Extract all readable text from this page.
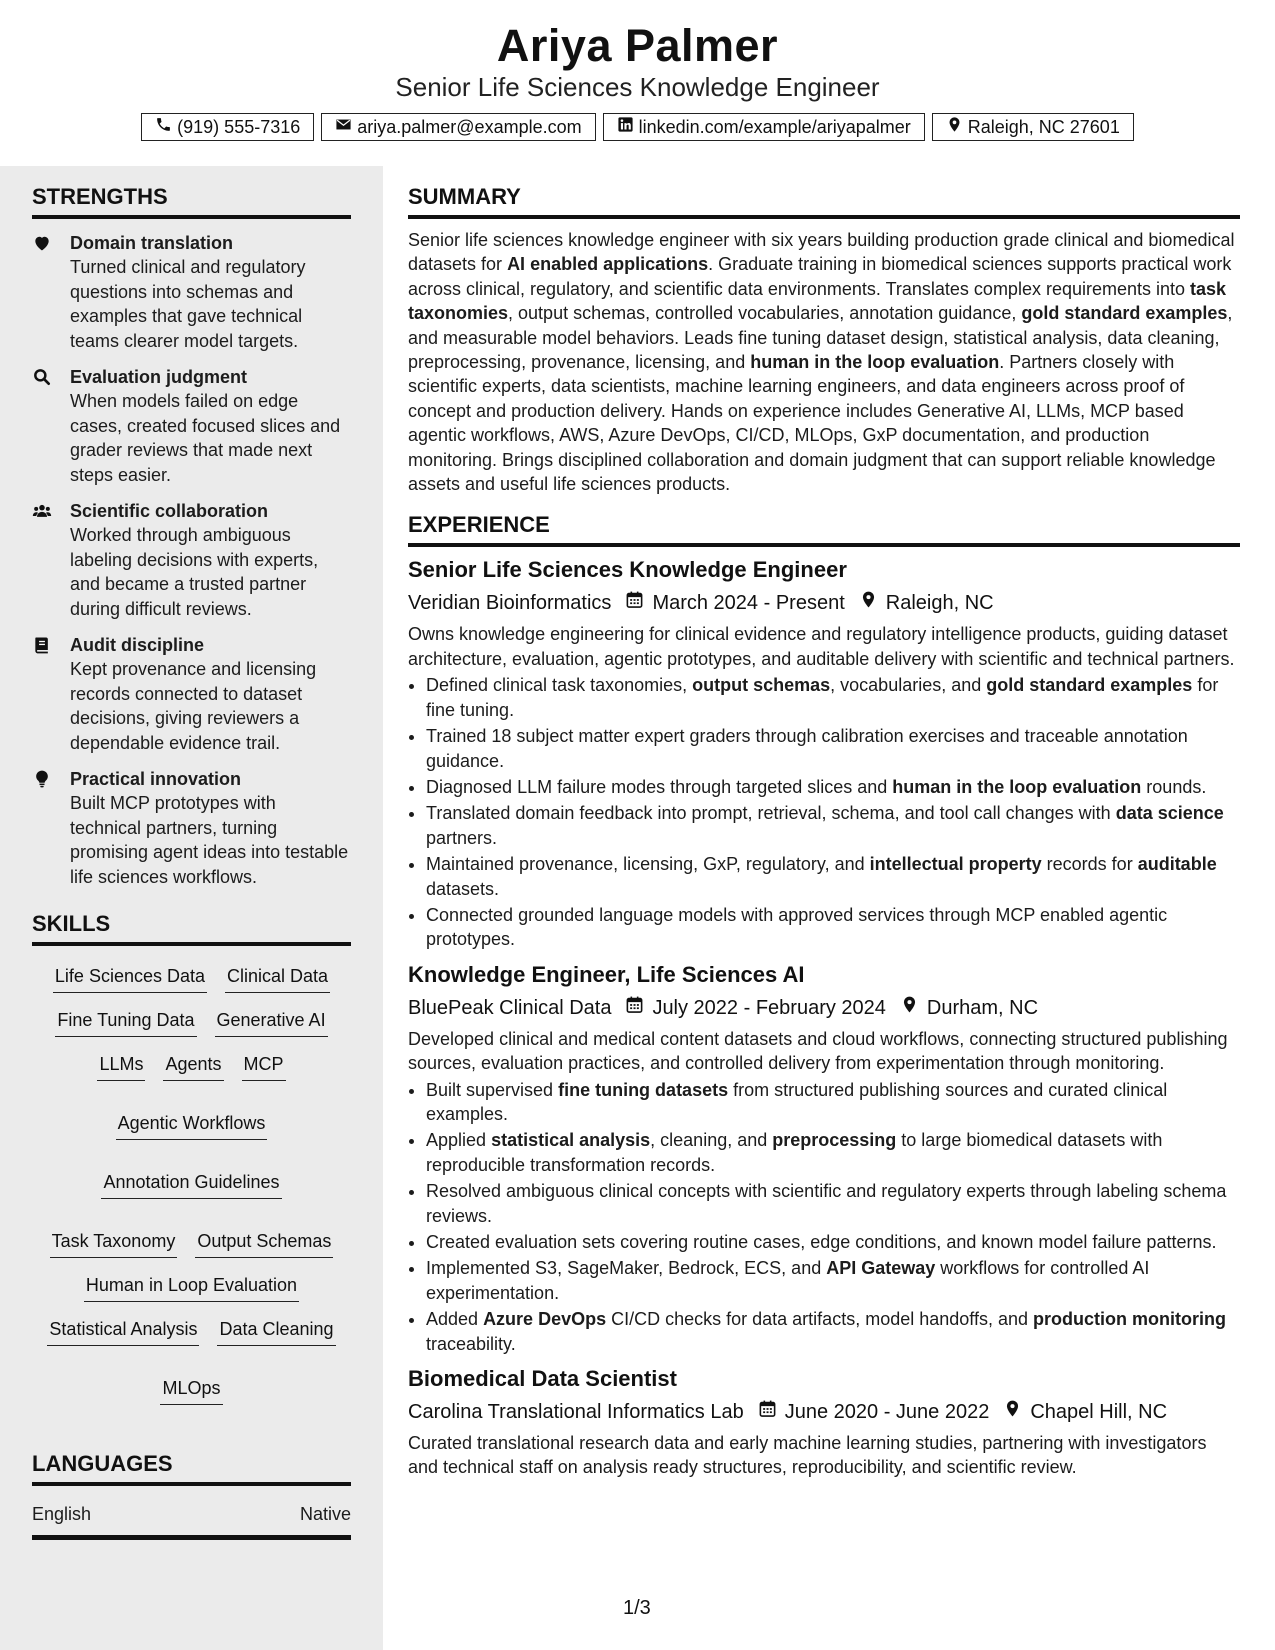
Ariya Palmer
Senior Life Sciences Knowledge Engineer
(919) 555-7316	ariya.palmer@example.com	linkedin.com/example/ariyapalmer	Raleigh, NC 27601
STRENGTHS
Domain translation
Turned clinical and regulatory questions into schemas and examples that gave technical teams clearer model targets.
Evaluation judgment
When models failed on edge cases, created focused slices and grader reviews that made next steps easier.
Scientific collaboration
Worked through ambiguous labeling decisions with experts, and became a trusted partner during difficult reviews.
Audit discipline
Kept provenance and licensing records connected to dataset decisions, giving reviewers a dependable evidence trail.
Practical innovation
Built MCP prototypes with technical partners, turning promising agent ideas into testable life sciences workflows.
SKILLS
Life Sciences Data Clinical Data
Fine Tuning Data Generative AI
LLMs Agents MCP
Agentic Workflows
Annotation Guidelines
Task Taxonomy Output Schemas
Human in Loop Evaluation
Statistical Analysis Data Cleaning
MLOps
LANGUAGES
English	Native
SUMMARY
Senior life sciences knowledge engineer with six years building production grade clinical and biomedical datasets for AI enabled applications. Graduate training in biomedical sciences supports practical work across clinical, regulatory, and scientific data environments. Translates complex requirements into task taxonomies, output schemas, controlled vocabularies, annotation guidance, gold standard examples, and measurable model behaviors. Leads fine tuning dataset design, statistical analysis, data cleaning, preprocessing, provenance, licensing, and human in the loop evaluation. Partners closely with scientific experts, data scientists, machine learning engineers, and data engineers across proof of concept and production delivery. Hands on experience includes Generative AI, LLMs, MCP based agentic workflows, AWS, Azure DevOps, CI/CD, MLOps, GxP documentation, and production monitoring. Brings disciplined collaboration and domain judgment that can support reliable knowledge assets and useful life sciences products.
EXPERIENCE
Senior Life Sciences Knowledge Engineer
Veridian Bioinformatics March 2024 - Present Raleigh, NC
Owns knowledge engineering for clinical evidence and regulatory intelligence products, guiding dataset architecture, evaluation, agentic prototypes, and auditable delivery with scientific and technical partners.
• Defined clinical task taxonomies, output schemas, vocabularies, and gold standard examples for fine tuning.
• Trained 18 subject matter expert graders through calibration exercises and traceable annotation guidance.
• Diagnosed LLM failure modes through targeted slices and human in the loop evaluation rounds.
• Translated domain feedback into prompt, retrieval, schema, and tool call changes with data science partners.
• Maintained provenance, licensing, GxP, regulatory, and intellectual property records for auditable datasets.
• Connected grounded language models with approved services through MCP enabled agentic prototypes.
Knowledge Engineer, Life Sciences AI
BluePeak Clinical Data July 2022 - February 2024 Durham, NC
Developed clinical and medical content datasets and cloud workflows, connecting structured publishing sources, evaluation practices, and controlled delivery from experimentation through monitoring.
• Built supervised fine tuning datasets from structured publishing sources and curated clinical examples.
• Applied statistical analysis, cleaning, and preprocessing to large biomedical datasets with reproducible transformation records.
• Resolved ambiguous clinical concepts with scientific and regulatory experts through labeling schema reviews.
• Created evaluation sets covering routine cases, edge conditions, and known model failure patterns.
• Implemented S3, SageMaker, Bedrock, ECS, and API Gateway workflows for controlled AI experimentation.
• Added Azure DevOps CI/CD checks for data artifacts, model handoffs, and production monitoring traceability.
Biomedical Data Scientist
Carolina Translational Informatics Lab June 2020 - June 2022 Chapel Hill, NC
Curated translational research data and early machine learning studies, partnering with investigators and technical staff on analysis ready structures, reproducibility, and scientific review.
1/3
